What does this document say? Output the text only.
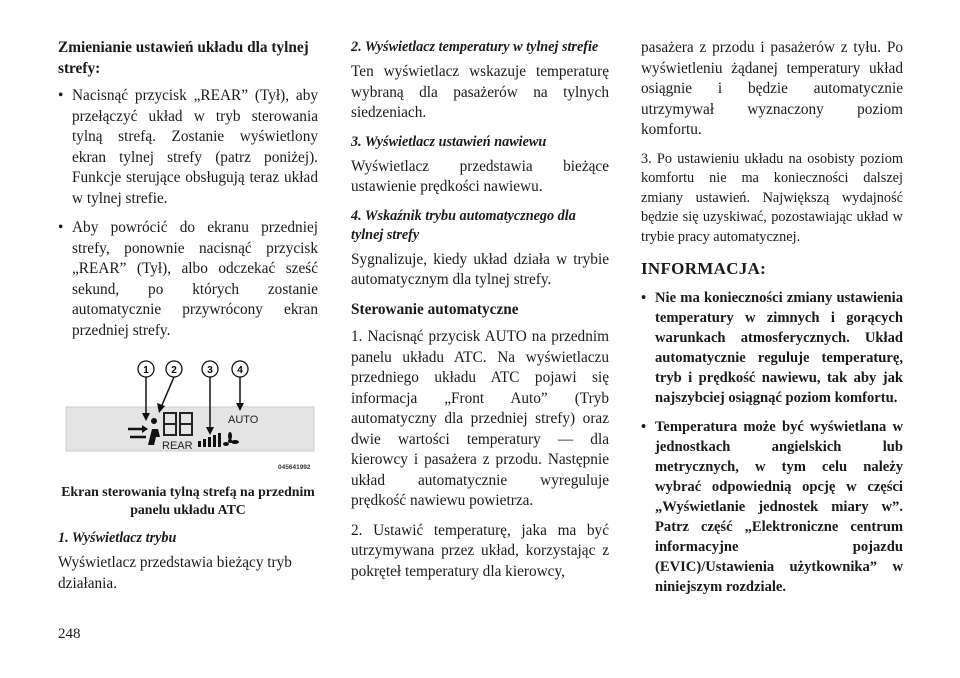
Zmienianie ustawień układu dla tylnej strefy:

• Nacisnąć przycisk „REAR” (Tył), aby przełączyć układ w tryb sterowania tylną strefą. Zostanie wyświetlony ekran tylnej strefy (patrz poniżej). Funkcje sterujące obsługują teraz układ w tylnej strefie.
• Aby powrócić do ekranu przedniej strefy, ponownie nacisnąć przycisk „REAR” (Tył), albo odczekać sześć sekund, po których zostanie automatycznie przywrócony ekran przedniej strefy.
1 2	3 4
REAR
AUTO
045641992

Ekran sterowania tylną strefą na przednim panelu układu ATC

1. Wyświetlacz trybu

Wyświetlacz przedstawia bieżący tryb działania.

2. Wyświetlacz temperatury w tylnej strefie

Ten wyświetlacz wskazuje temperaturę wybraną dla pasażerów na tylnych siedzeniach.

3. Wyświetlacz ustawień nawiewu

Wyświetlacz przedstawia bieżące ustawienie prędkości nawiewu.

4. Wskaźnik trybu automatycznego dla tylnej strefy

Sygnalizuje, kiedy układ działa w trybie automatycznym dla tylnej strefy.

Sterowanie automatyczne

1. Nacisnąć przycisk AUTO na przednim panelu układu ATC. Na wyświetlaczu przedniego układu ATC pojawi się informacja „Front Auto” (Tryb automatyczny dla przedniej strefy) oraz dwie wartości temperatury — dla kierowcy i pasażera z przodu. Następnie układ automatycznie wyreguluje prędkość nawiewu powietrza.

2. Ustawić temperaturę, jaka ma być utrzymywana przez układ, korzystając z pokręteł temperatury dla kierowcy,

pasażera z przodu i pasażerów z tyłu. Po wyświetleniu żądanej temperatury układ osiągnie i będzie automatycznie utrzymywał wyznaczony poziom komfortu.

3. Po ustawieniu układu na osobisty poziom komfortu nie ma konieczności dalszej zmiany ustawień. Największą wydajność będzie się uzyskiwać, pozostawiając układ w trybie pracy automatycznej.

INFORMACJA:

• Nie ma konieczności zmiany ustawienia temperatury w zimnych i gorących warunkach atmosferycznych. Układ automatycznie reguluje temperaturę, tryb i prędkość nawiewu, tak aby jak najszybciej osiągnąć poziom komfortu.
• Temperatura może być wyświetlana w jednostkach angielskich lub metrycznych, w tym celu należy wybrać odpowiednią opcję w części „Wyświetlanie jednostek miary w”. Patrz część „Elektroniczne centrum informacyjne pojazdu (EVIC)/Ustawienia użytkownika” w niniejszym rozdziale.
248
